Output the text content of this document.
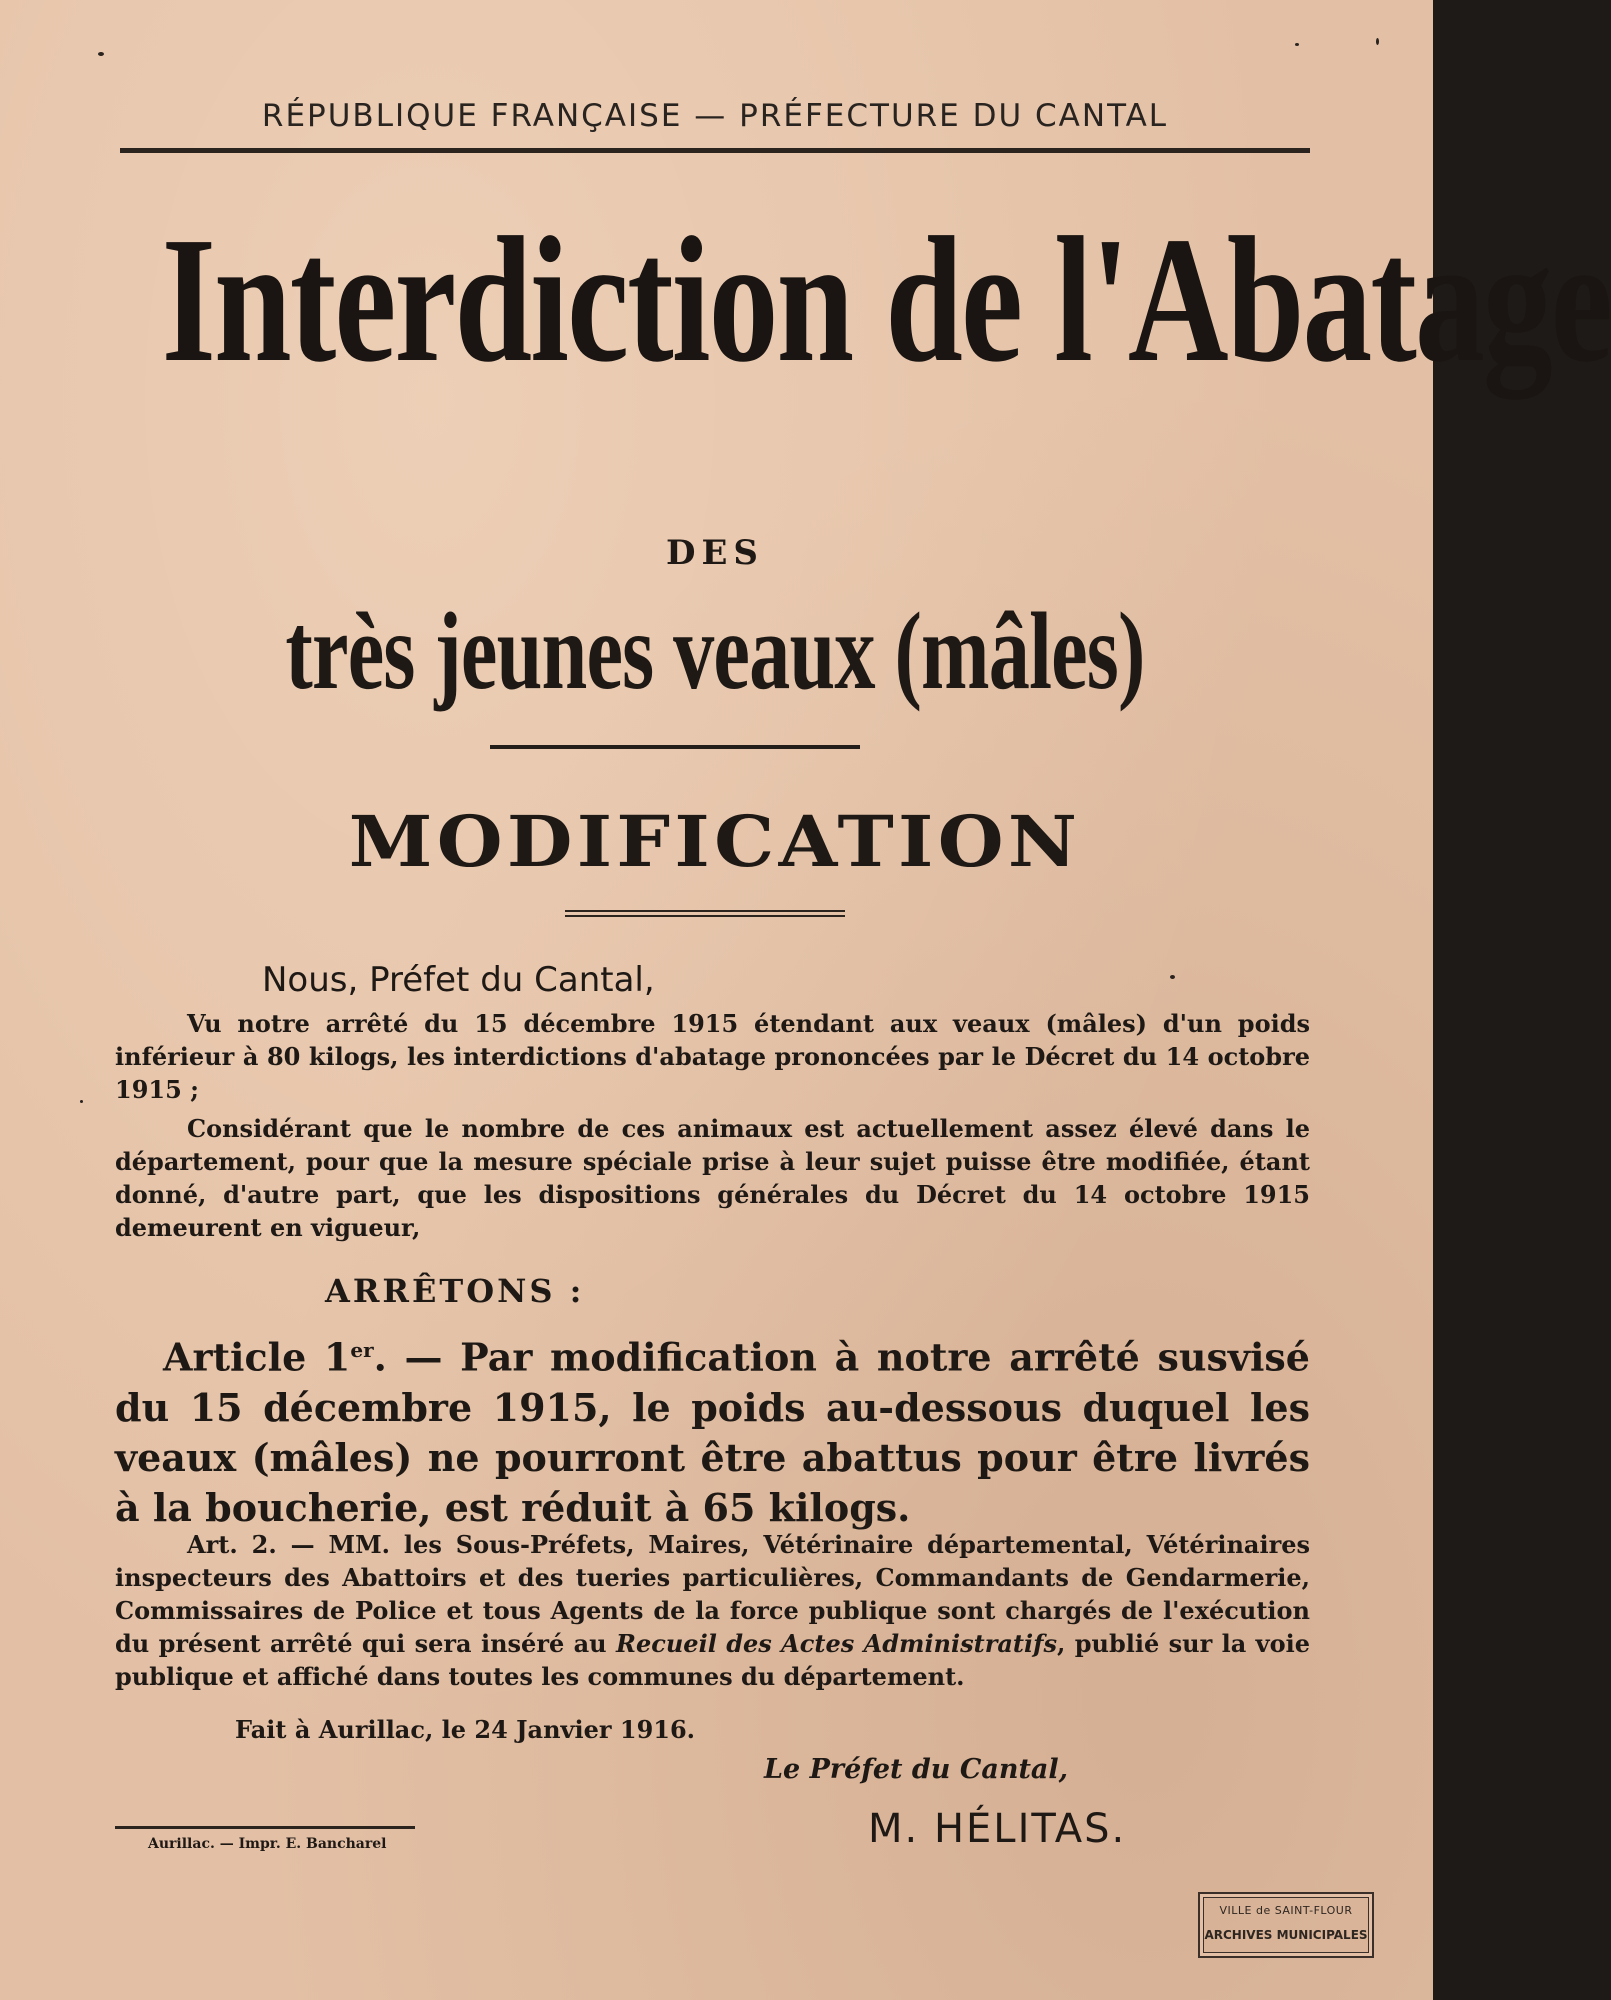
RÉPUBLIQUE FRANÇAISE — PRÉFECTURE DU CANTAL
Interdiction de l'Abatage
DES
très jeunes veaux (mâles)
MODIFICATION
Nous, Préfet du Cantal,
Vu notre arrêté du 15 décembre 1915 étendant aux veaux (mâles) d'un poids inférieur à 80 kilogs, les interdictions d'abatage prononcées par le Décret du 14 octobre 1915 ;
Considérant que le nombre de ces animaux est actuellement assez élevé dans le département, pour que la mesure spéciale prise à leur sujet puisse être modifiée, étant donné, d'autre part, que les dispositions générales du Décret du 14 octobre 1915 demeurent en vigueur,
ARRÊTONS :
Article 1er. — Par modification à notre arrêté susvisé du 15 décembre 1915, le poids au-dessous duquel les veaux (mâles) ne pourront être abattus pour être livrés à la boucherie, est réduit à 65 kilogs.
Art. 2. — MM. les Sous-Préfets, Maires, Vétérinaire départemental, Vétérinaires inspecteurs des Abattoirs et des tueries particulières, Commandants de Gendarmerie, Commissaires de Police et tous Agents de la force publique sont chargés de l'exécution du présent arrêté qui sera inséré au Recueil des Actes Administratifs, publié sur la voie publique et affiché dans toutes les communes du département.
Fait à Aurillac, le 24 Janvier 1916.
Le Préfet du Cantal,
M. HÉLITAS.
Aurillac. — Impr. E. Bancharel
VILLE de SAINT-FLOUR
ARCHIVES MUNICIPALES
